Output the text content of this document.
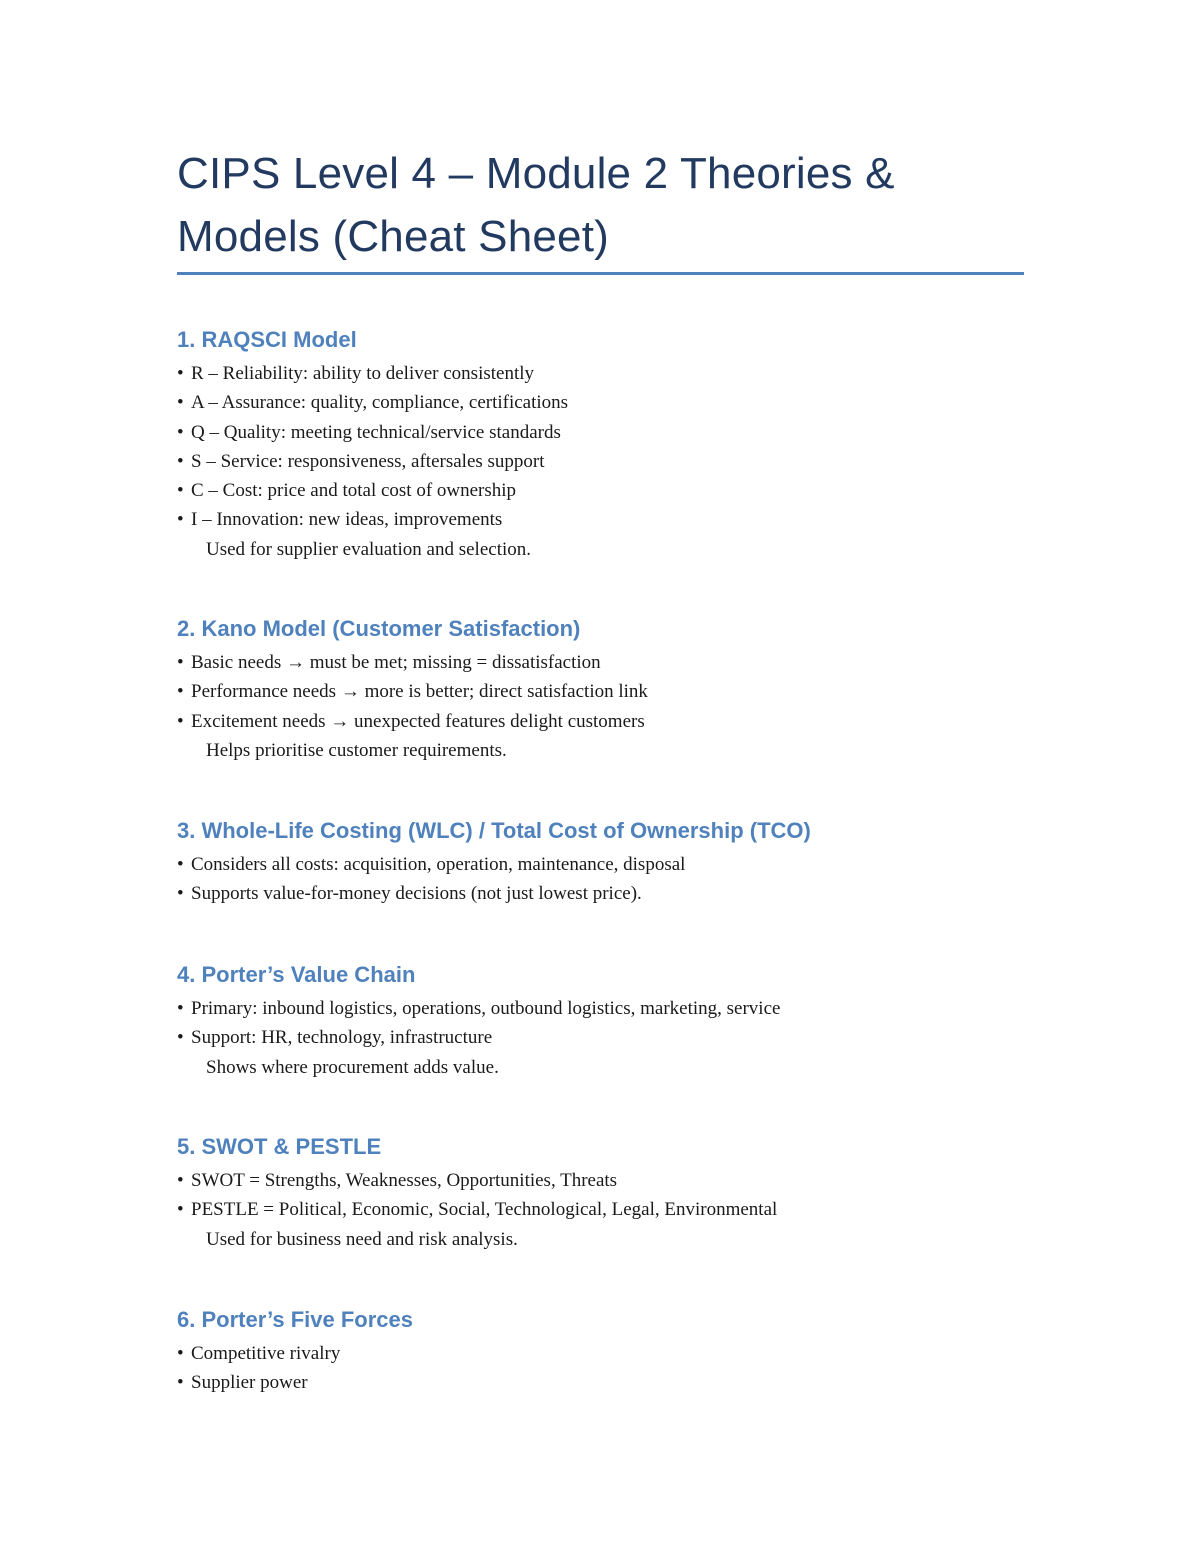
CIPS Level 4 – Module 2 Theories & Models (Cheat Sheet)
1. RAQSCI Model
• R – Reliability: ability to deliver consistently
• A – Assurance: quality, compliance, certifications
• Q – Quality: meeting technical/service standards
• S – Service: responsiveness, aftersales support
• C – Cost: price and total cost of ownership
• I – Innovation: new ideas, improvements
Used for supplier evaluation and selection.
2. Kano Model (Customer Satisfaction)
• Basic needs → must be met; missing = dissatisfaction
• Performance needs → more is better; direct satisfaction link
• Excitement needs → unexpected features delight customers
Helps prioritise customer requirements.
3. Whole-Life Costing (WLC) / Total Cost of Ownership (TCO)
• Considers all costs: acquisition, operation, maintenance, disposal
• Supports value-for-money decisions (not just lowest price).
4. Porter’s Value Chain
• Primary: inbound logistics, operations, outbound logistics, marketing, service
• Support: HR, technology, infrastructure
Shows where procurement adds value.
5. SWOT & PESTLE
• SWOT = Strengths, Weaknesses, Opportunities, Threats
• PESTLE = Political, Economic, Social, Technological, Legal, Environmental
Used for business need and risk analysis.
6. Porter’s Five Forces
• Competitive rivalry
• Supplier power
